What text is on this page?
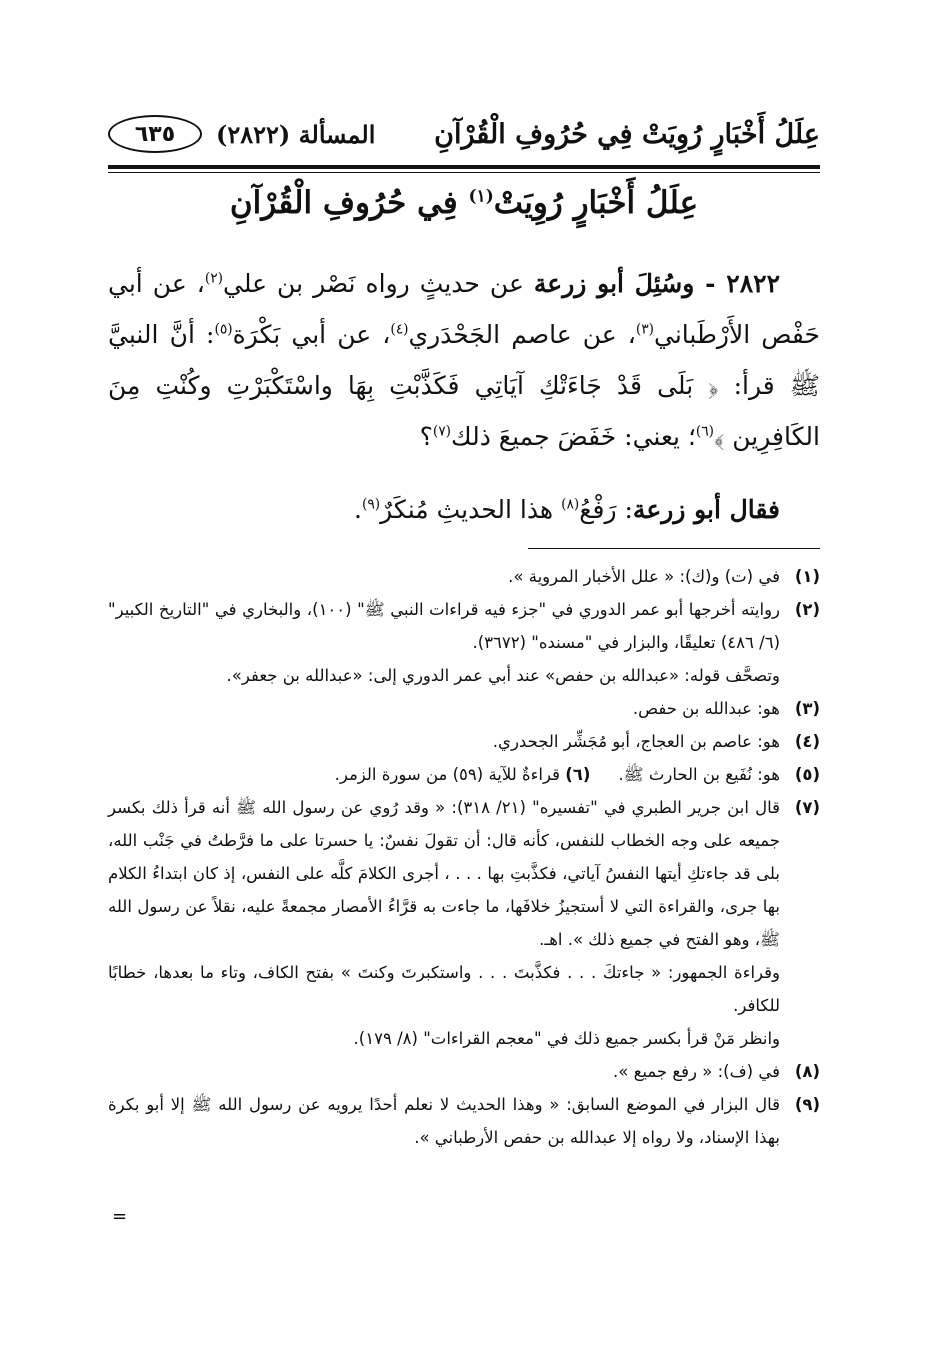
عِلَلُ أَخْبَارٍ رُوِيَتْ فِي حُرُوفِ الْقُرْآنِ
المسألة (٢٨٢٢)
٦٣٥
عِلَلُ أَخْبَارٍ رُوِيَتْ$^{(١)}$ فِي حُرُوفِ الْقُرْآنِ

٢٨٢٢ - وسُئِلَ أبو زرعة عن حديثٍ رواه نَصْر بن علي$^{(٢)}$، عن أبي حَفْص الأَرْطَباني$^{(٣)}$، عن عاصم الجَحْدَري$^{(٤)}$، عن أبي بَكْرَة$^{(٥)}$: أنَّ النبيَّ ﷺ قرأ: ﴿ بَلَى قَدْ جَاءَتْكِ آيَاتِي فَكَذَّبْتِ بِهَا واسْتَكْبَرْتِ وكُنْتِ مِنَ الكَافِرِين ﴾$^{(٦)}$؛ يعني: خَفَضَ جميعَ ذلك$^{(٧)}$؟

فقال أبو زرعة: رَفْعُ$^{(٨)}$ هذا الحديثِ مُنكَرٌ$^{(٩)}$.

(١)

في (ت) و(ك): « علل الأخبار المروية ».

(٢)

روايته أخرجها أبو عمر الدوري في "جزء فيه قراءات النبي ﷺ" (١٠٠)، والبخاري في "التاريخ الكبير" (٦/ ٤٨٦) تعليقًا، والبزار في "مسنده" (٣٦٧٢).

وتصحَّف قوله: «عبدالله بن حفص» عند أبي عمر الدوري إلى: «عبدالله بن جعفر».

(٣)

هو: عبدالله بن حفص.

(٤)

هو: عاصم بن العجاج، أبو مُجَشِّر الجحدري.

(٥)

هو: نُفَيع بن الحارث ﷺ.(٦) قراءةٌ للآية (٥٩) من سورة الزمر.

(٧)

قال ابن جرير الطبري في "تفسيره" (٢١/ ٣١٨): « وقد رُوي عن رسول الله ﷺ أنه قرأ ذلك بكسر جميعه على وجه الخطاب للنفس، كأنه قال: أن تقولَ نفسٌ: يا حسرتا على ما فرَّطتُ في جَنْب الله، بلى قد جاءتكِ أيتها النفسُ آياتي، فكذَّبتِ بها . . . ، أجرى الكلامَ كلَّه على النفس، إذ كان ابتداءُ الكلام بها جرى، والقراءة التي لا أستجيزُ خلافَها، ما جاءت به قرَّاءُ الأمصار مجمعةً عليه، نقلاً عن رسول الله ﷺ، وهو الفتح في جميع ذلك ». اهـ.

وقراءة الجمهور: « جاءتكَ . . . فكذَّبتَ . . . واستكبرتَ وكنتَ » بفتح الكاف، وتاء ما بعدها، خطابًا للكافر.

وانظر مَنْ قرأ بكسر جميع ذلك في "معجم القراءات" (٨/ ١٧٩).

(٨)

في (ف): « رفع جميع ».

(٩)

قال البزار في الموضع السابق: « وهذا الحديث لا نعلم أحدًا يرويه عن رسول الله ﷺ إلا أبو بكرة بهذا الإسناد، ولا رواه إلا عبدالله بن حفص الأرطباني ».

=
